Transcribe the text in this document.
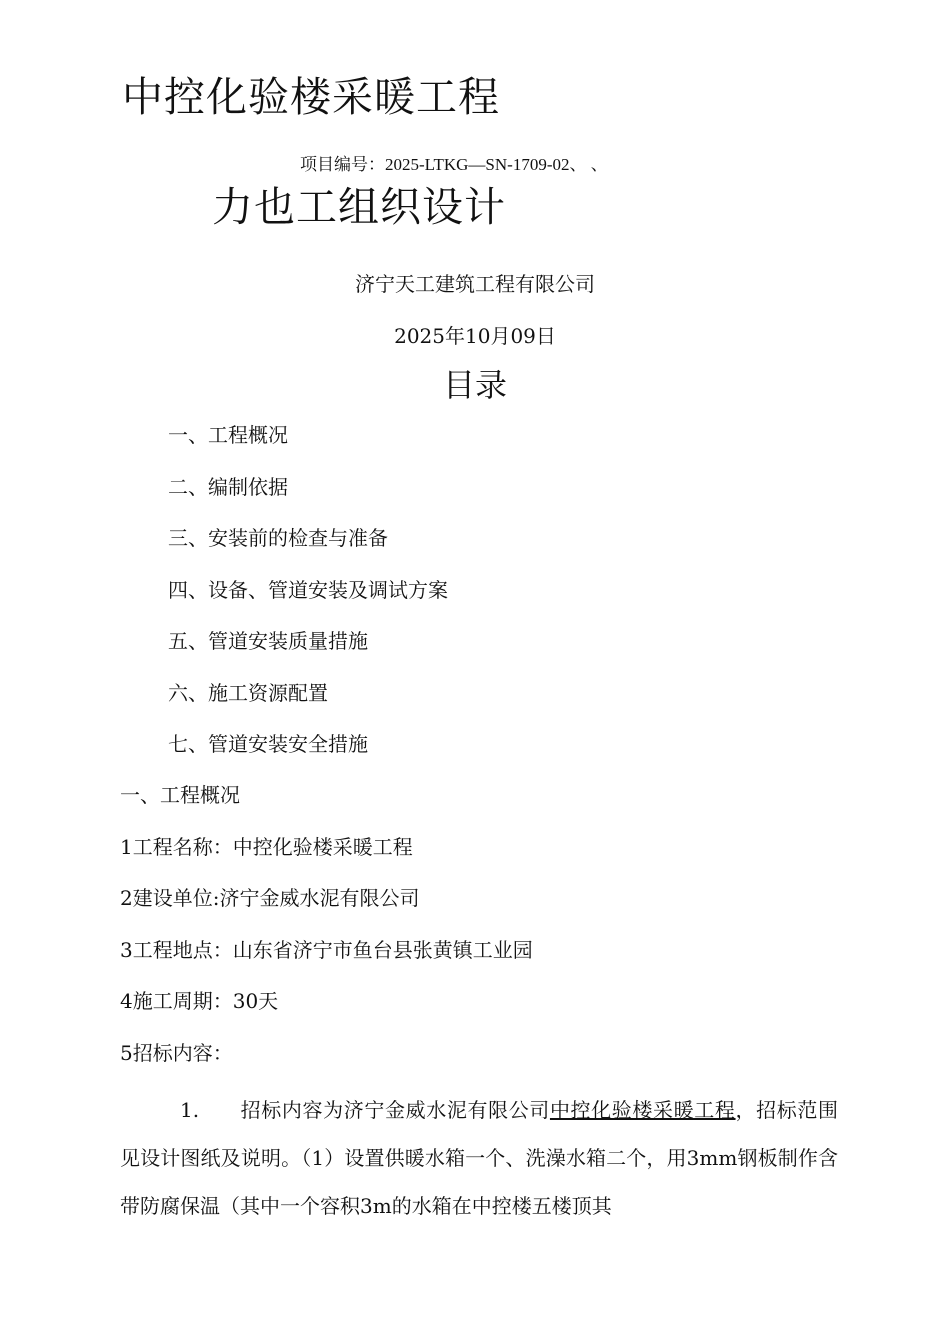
中控化验楼采暖工程
项目编号：2025-LTKG—SN-1709-02、 、
力也工组织设计
济宁天工建筑工程有限公司
2025年10月09日
目录
一、工程概况
二、编制依据
三、安装前的检查与准备
四、设备、管道安装及调试方案
五、管道安装质量措施
六、施工资源配置
七、管道安装安全措施
一、工程概况
1工程名称：中控化验楼采暖工程
2建设单位:济宁金威水泥有限公司
3工程地点：山东省济宁市鱼台县张黄镇工业园
4施工周期：30天
5招标内容：
1. 招标内容为济宁金威水泥有限公司中控化验楼采暖工程，招标范围见设计图纸及说明。（1）设置供暖水箱一个、洗澡水箱二个，用3mm钢板制作含带防腐保温（其中一个容积3m的水箱在中控楼五楼顶其
